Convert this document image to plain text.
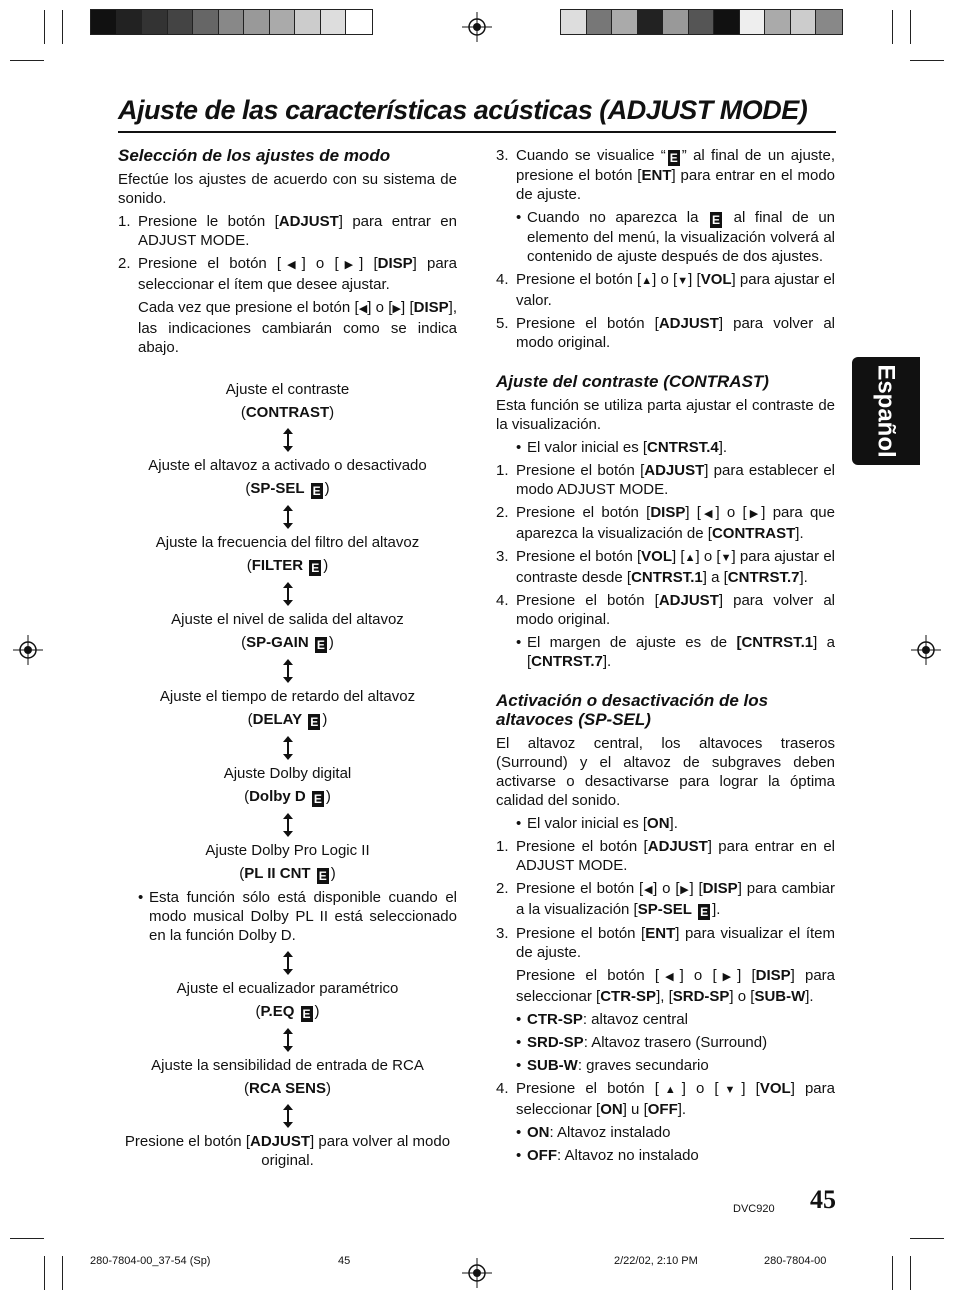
Ajuste de las características acústicas (ADJUST MODE)
Español
Selección de los ajustes de modo

Efectúe los ajustes de acuerdo con su sistema de sonido.

1. Presione le botón [ADJUST] para entrar en ADJUST MODE.
2. Presione el botón [◀] o [▶] [DISP] para seleccionar el ítem que desee ajustar.

Cada vez que presione el botón [◀] o [▶] [DISP], las indicaciones cambiarán como se indica abajo.

Ajuste el contraste
(CONTRAST)
Ajuste el altavoz a activado o desactivado
(SP-SEL E )
Ajuste la frecuencia del filtro del altavoz
(FILTER E )
Ajuste el nivel de salida del altavoz
(SP-GAIN E )
Ajuste el tiempo de retardo del altavoz
(DELAY E )
Ajuste Dolby digital
(Dolby D E )
Ajuste Dolby Pro Logic II
(PL II CNT E )
• Esta función sólo está disponible cuando el modo musical Dolby PL II está seleccionado en la función Dolby D.
Ajuste el ecualizador paramétrico
(P.EQ E )
Ajuste la sensibilidad de entrada de RCA
(RCA SENS)
Presione el botón [ADJUST] para volver al modo original.
3. Cuando se visualice “ E ” al final de un ajuste, presione el botón [ENT] para entrar en el modo de ajuste.
• Cuando no aparezca la E al final de un elemento del menú, la visualización volverá al contenido de ajuste después de dos ajustes.
4. Presione el botón [▲] o [▼] [VOL] para ajustar el valor.
5. Presione el botón [ADJUST] para volver al modo original.
Ajuste del contraste (CONTRAST)

Esta función se utiliza parta ajustar el contraste de la visualización.

• El valor inicial es [CNTRST.4].
1. Presione el botón [ADJUST] para establecer el modo ADJUST MODE.
2. Presione el botón [DISP] [◀] o [▶] para que aparezca la visualización de [CONTRAST].
3. Presione el botón [VOL] [▲] o [▼] para ajustar el contraste desde [CNTRST.1] a [CNTRST.7].
4. Presione el botón [ADJUST] para volver al modo original.
• El margen de ajuste es de [CNTRST.1] a [CNTRST.7].
Activación o desactivación de los altavoces (SP-SEL)

El altavoz central, los altavoces traseros (Surround) y el altavoz de subgraves deben activarse o desactivarse para lograr la óptima calidad del sonido.

• El valor inicial es [ON].
1. Presione el botón [ADJUST] para entrar en el ADJUST MODE.
2. Presione el botón [◀] o [▶] [DISP] para cambiar a la visualización [SP-SEL E ].
3. Presione el botón [ENT] para visualizar el ítem de ajuste.

Presione el botón [◀] o [▶] [DISP] para seleccionar [CTR-SP], [SRD-SP] o [SUB-W].

• CTR-SP: altavoz central
• SRD-SP: Altavoz trasero (Surround)
• SUB-W: graves secundario
4. Presione el botón [▲] o [▼] [VOL] para seleccionar [ON] u [OFF].
• ON: Altavoz instalado
• OFF: Altavoz no instalado
DVC920 45
280-7804-00_37-54 (Sp)	45	2/22/02, 2:10 PM	280-7804-00
